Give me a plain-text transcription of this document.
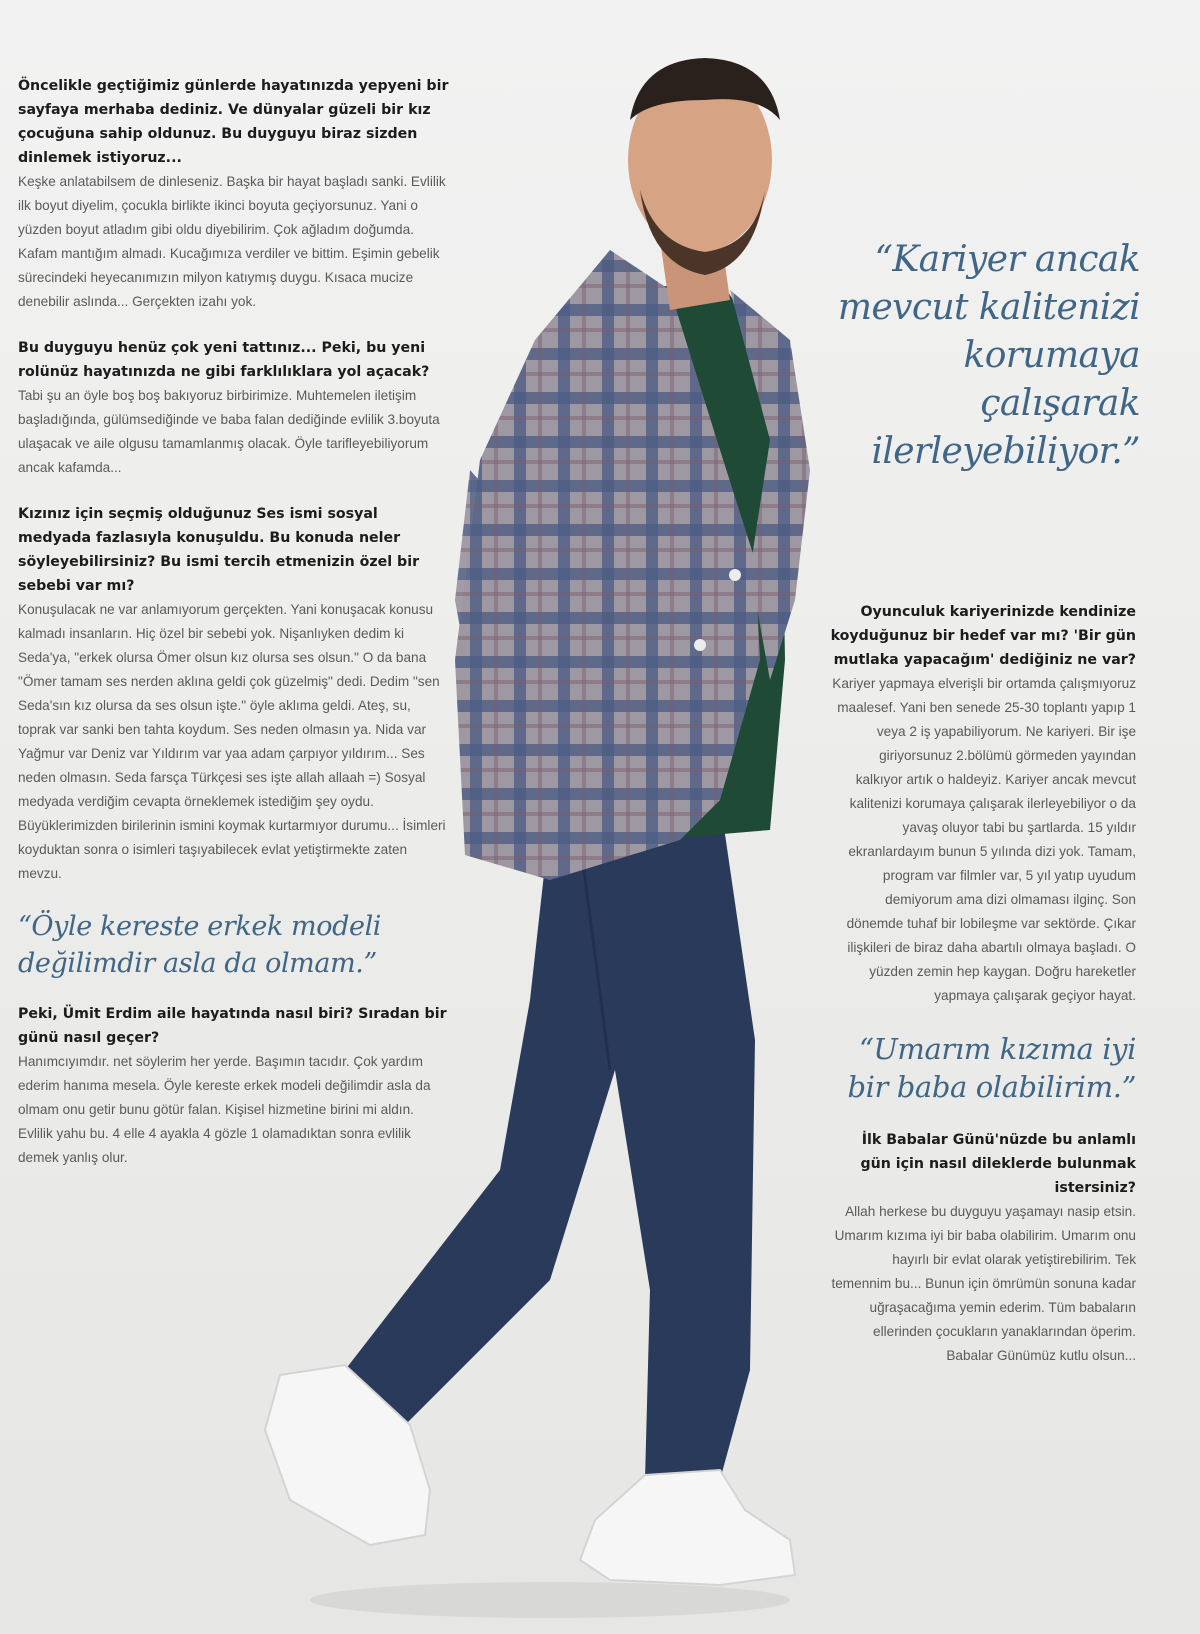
Öncelikle geçtiğimiz günlerde hayatınızda yepyeni bir sayfaya merhaba dediniz. Ve dünyalar güzeli bir kız çocuğuna sahip oldunuz. Bu duyguyu biraz sizden dinlemek istiyoruz...

Keşke anlatabilsem de dinleseniz. Başka bir hayat başladı sanki. Evlilik ilk boyut diyelim, çocukla birlikte ikinci boyuta geçiyorsunuz. Yani o yüzden boyut atladım gibi oldu diyebilirim. Çok ağladım doğumda. Kafam mantığım almadı. Kucağımıza verdiler ve bittim. Eşimin gebelik sürecindeki heyecanımızın milyon katıymış duygu. Kısaca mucize denebilir aslında... Gerçekten izahı yok.

Bu duyguyu henüz çok yeni tattınız... Peki, bu yeni rolünüz hayatınızda ne gibi farklılıklara yol açacak?

Tabi şu an öyle boş boş bakıyoruz birbirimize. Muhtemelen iletişim başladığında, gülümsediğinde ve baba falan dediğinde evlilik 3.boyuta ulaşacak ve aile olgusu tamamlanmış olacak. Öyle tarifleyebiliyorum ancak kafamda...

Kızınız için seçmiş olduğunuz Ses ismi sosyal medyada fazlasıyla konuşuldu. Bu konuda neler söyleyebilirsiniz? Bu ismi tercih etmenizin özel bir sebebi var mı?

Konuşulacak ne var anlamıyorum gerçekten. Yani konuşacak konusu kalmadı insanların. Hiç özel bir sebebi yok. Nişanlıyken dedim ki Seda'ya, "erkek olursa Ömer olsun kız olursa ses olsun." O da bana "Ömer tamam ses nerden aklına geldi çok güzelmiş" dedi. Dedim "sen Seda'sın kız olursa da ses olsun işte." öyle aklıma geldi. Ateş, su, toprak var sanki ben tahta koydum. Ses neden olmasın ya. Nida var Yağmur var Deniz var Yıldırım var yaa adam çarpıyor yıldırım... Ses neden olmasın. Seda farsça Türkçesi ses işte allah allaah =) Sosyal medyada verdiğim cevapta örneklemek istediğim şey oydu. Büyüklerimizden birilerinin ismini koymak kurtarmıyor durumu... İsimleri koyduktan sonra o isimleri taşıyabilecek evlat yetiştirmekte zaten mevzu.

“Öyle kereste erkek modeli değilimdir asla da olmam.”

Peki, Ümit Erdim aile hayatında nasıl biri? Sıradan bir günü nasıl geçer?

Hanımcıyımdır. net söylerim her yerde. Başımın tacıdır. Çok yardım ederim hanıma mesela. Öyle kereste erkek modeli değilimdir asla da olmam onu getir bunu götür falan. Kişisel hizmetine birini mi aldın. Evlilik yahu bu. 4 elle 4 ayakla 4 gözle 1 olamadıktan sonra evlilik demek yanlış olur.

“Kariyer ancak mevcut kalitenizi korumaya çalışarak ilerleyebiliyor.”

Oyunculuk kariyerinizde kendinize koyduğunuz bir hedef var mı? 'Bir gün mutlaka yapacağım' dediğiniz ne var?

Kariyer yapmaya elverişli bir ortamda çalışmıyoruz maalesef. Yani ben senede 25-30 toplantı yapıp 1 veya 2 iş yapabiliyorum. Ne kariyeri. Bir işe giriyorsunuz 2.bölümü görmeden yayından kalkıyor artık o haldeyiz. Kariyer ancak mevcut kalitenizi korumaya çalışarak ilerleyebiliyor o da yavaş oluyor tabi bu şartlarda. 15 yıldır ekranlardayım bunun 5 yılında dizi yok. Tamam, program var filmler var, 5 yıl yatıp uyudum demiyorum ama dizi olmaması ilginç. Son dönemde tuhaf bir lobileşme var sektörde. Çıkar ilişkileri de biraz daha abartılı olmaya başladı. O yüzden zemin hep kaygan. Doğru hareketler yapmaya çalışarak geçiyor hayat.

“Umarım kızıma iyi bir baba olabilirim.”

İlk Babalar Günü'nüzde bu anlamlı gün için nasıl dileklerde bulunmak istersiniz?

Allah herkese bu duyguyu yaşamayı nasip etsin. Umarım kızıma iyi bir baba olabilirim. Umarım onu hayırlı bir evlat olarak yetiştirebilirim. Tek temennim bu... Bunun için ömrümün sonuna kadar uğraşacağıma yemin ederim. Tüm babaların ellerinden çocukların yanaklarından öperim. Babalar Günümüz kutlu olsun...
